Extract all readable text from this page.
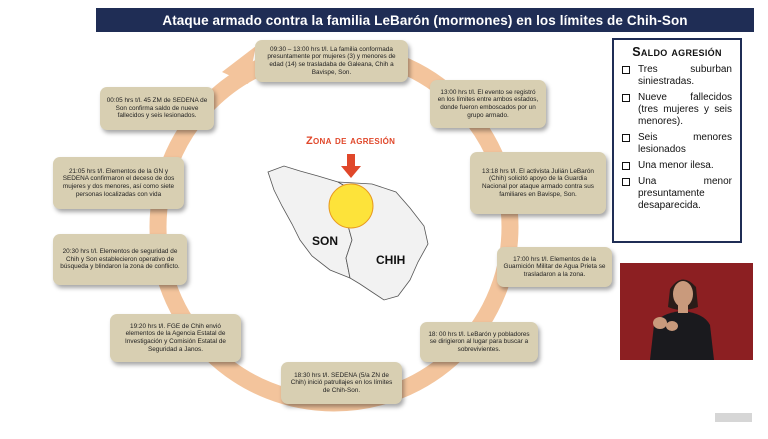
Ataque armado contra la familia LeBarón (mormones) en los límites de Chih-Son
Zona de agresión
SON
CHIH
09:30 – 13:00 hrs t/l. La familia conformada presuntamente por mujeres (3) y menores de edad (14) se trasladaba de Galeana, Chih a Bavispe, Son.
13:00 hrs t/l. El evento se registró en los límites entre ambos estados, donde fueron emboscados por un grupo armado.
13:18 hrs t/l. El activista Julián LeBarón (Chih) solicitó apoyo de la Guardia Nacional por ataque armado contra sus familiares en Bavispe, Son.
17:00 hrs t/l. Elementos de la Guarnición Militar de Agua Prieta se trasladaron a la zona.
18: 00 hrs t/l. LeBarón y pobladores se dirigieron al lugar para buscar a sobrevivientes.
18:30 hrs t/l. SEDENA (5/a ZN de Chih) inició patrullajes en los límites de Chih-Son.
19:20 hrs t/l. FGE de Chih envió elementos de la Agencia Estatal de Investigación y Comisión Estatal de Seguridad a Janos.
20:30 hrs t/l. Elementos de seguridad de Chih y Son establecieron operativo de búsqueda y blindaron la zona de conflicto.
21:05 hrs t/l. Elementos de la GN y SEDENA confirmaron el deceso de dos mujeres y dos menores, así como siete personas localizadas con vida
00:05 hrs t/l. 45 ZM de SEDENA de Son confirma saldo de nueve fallecidos y seis lesionados.
Saldo agresión
Tres suburban siniestradas.
Nueve fallecidos (tres mujeres y seis menores).
Seis menores lesionados
Una menor ilesa.
Una menor presuntamente desaparecida.
